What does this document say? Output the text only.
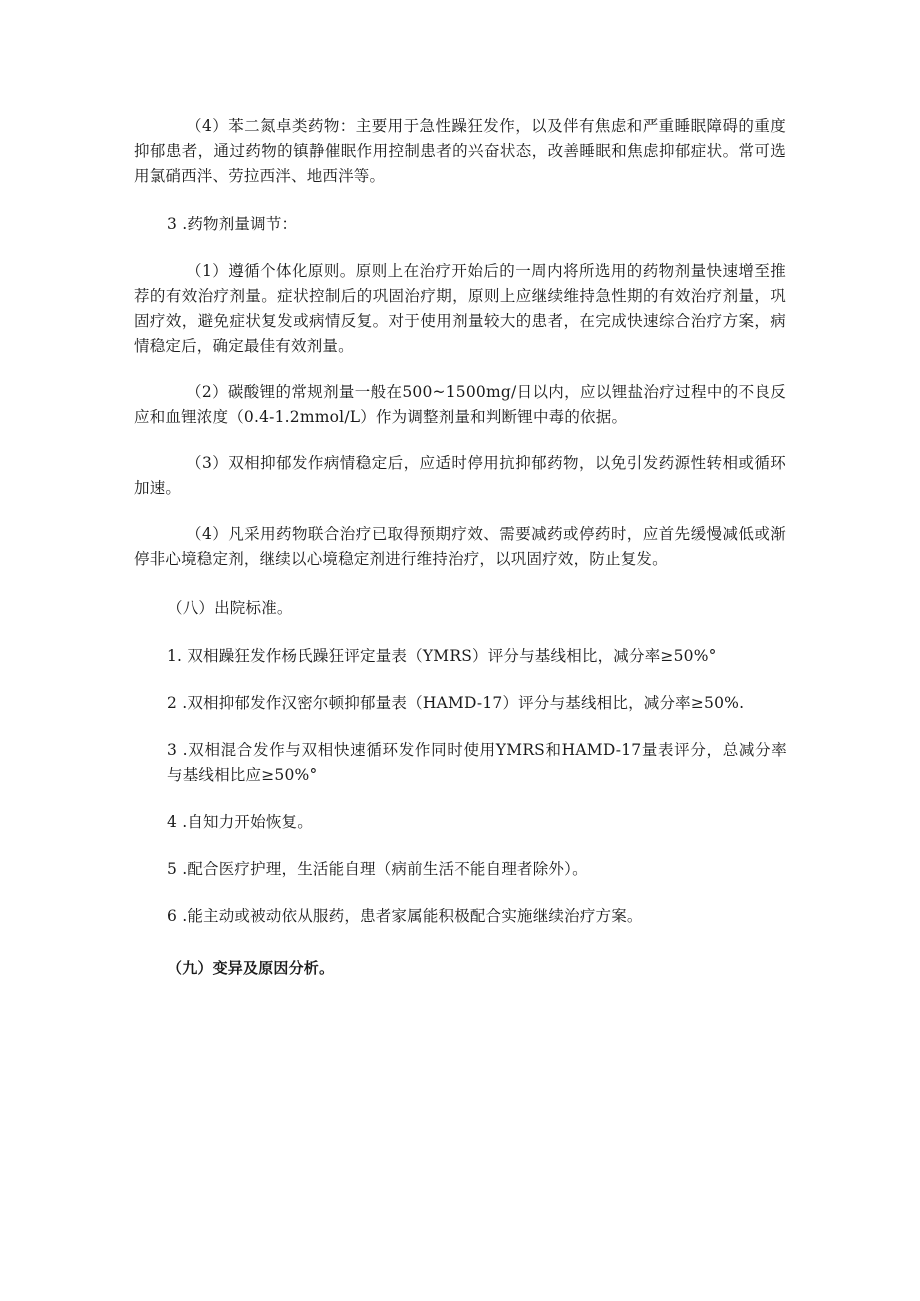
（4）苯二氮卓类药物：主要用于急性躁狂发作，以及伴有焦虑和严重睡眠障碍的重度抑郁患者，通过药物的镇静催眠作用控制患者的兴奋状态，改善睡眠和焦虑抑郁症状。常可选用氯硝西泮、劳拉西泮、地西泮等。

3 .药物剂量调节：

（1）遵循个体化原则。原则上在治疗开始后的一周内将所选用的药物剂量快速增至推荐的有效治疗剂量。症状控制后的巩固治疗期，原则上应继续维持急性期的有效治疗剂量，巩固疗效，避免症状复发或病情反复。对于使用剂量较大的患者，在完成快速综合治疗方案，病情稳定后，确定最佳有效剂量。

（2）碳酸锂的常规剂量一般在500~1500mg/日以内，应以锂盐治疗过程中的不良反应和血锂浓度（0.4-1.2mmol∕L）作为调整剂量和判断锂中毒的依据。

（3）双相抑郁发作病情稳定后，应适时停用抗抑郁药物，以免引发药源性转相或循环加速。

（4）凡采用药物联合治疗已取得预期疗效、需要减药或停药时，应首先缓慢减低或渐停非心境稳定剂，继续以心境稳定剂进行维持治疗，以巩固疗效，防止复发。

（八）出院标准。

1. 双相躁狂发作杨氏躁狂评定量表（YMRS）评分与基线相比，减分率≥50%°

2 .双相抑郁发作汉密尔顿抑郁量表（HAMD-17）评分与基线相比，减分率≥50%.

3 .双相混合发作与双相快速循环发作同时使用YMRS和HAMD-17量表评分，总减分率与基线相比应≥50%°

4 .自知力开始恢复。

5 .配合医疗护理，生活能自理（病前生活不能自理者除外）。

6 .能主动或被动依从服药，患者家属能积极配合实施继续治疗方案。

（九）变异及原因分析。
